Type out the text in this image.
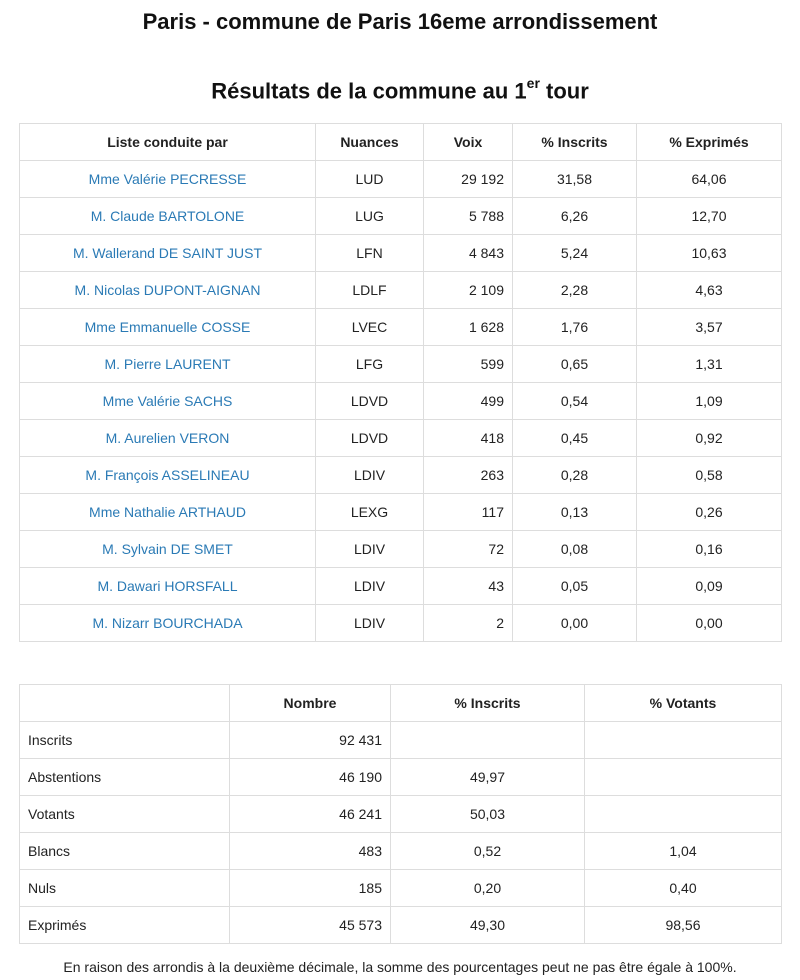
Paris - commune de Paris 16eme arrondissement
Résultats de la commune au 1er tour
Liste conduite par	Nuances	Voix	% Inscrits	% Exprimés
Mme Valérie PECRESSE	LUD	29 192	31,58	64,06
M. Claude BARTOLONE	LUG	5 788	6,26	12,70
M. Wallerand DE SAINT JUST	LFN	4 843	5,24	10,63
M. Nicolas DUPONT-AIGNAN	LDLF	2 109	2,28	4,63
Mme Emmanuelle COSSE	LVEC	1 628	1,76	3,57
M. Pierre LAURENT	LFG	599	0,65	1,31
Mme Valérie SACHS	LDVD	499	0,54	1,09
M. Aurelien VERON	LDVD	418	0,45	0,92
M. François ASSELINEAU	LDIV	263	0,28	0,58
Mme Nathalie ARTHAUD	LEXG	117	0,13	0,26
M. Sylvain DE SMET	LDIV	72	0,08	0,16
M. Dawari HORSFALL	LDIV	43	0,05	0,09
M. Nizarr BOURCHADA	LDIV	2	0,00	0,00
	Nombre	% Inscrits	% Votants
Inscrits	92 431		
Abstentions	46 190	49,97	
Votants	46 241	50,03	
Blancs	483	0,52	1,04
Nuls	185	0,20	0,40
Exprimés	45 573	49,30	98,56
En raison des arrondis à la deuxième décimale, la somme des pourcentages peut ne pas être égale à 100%.
